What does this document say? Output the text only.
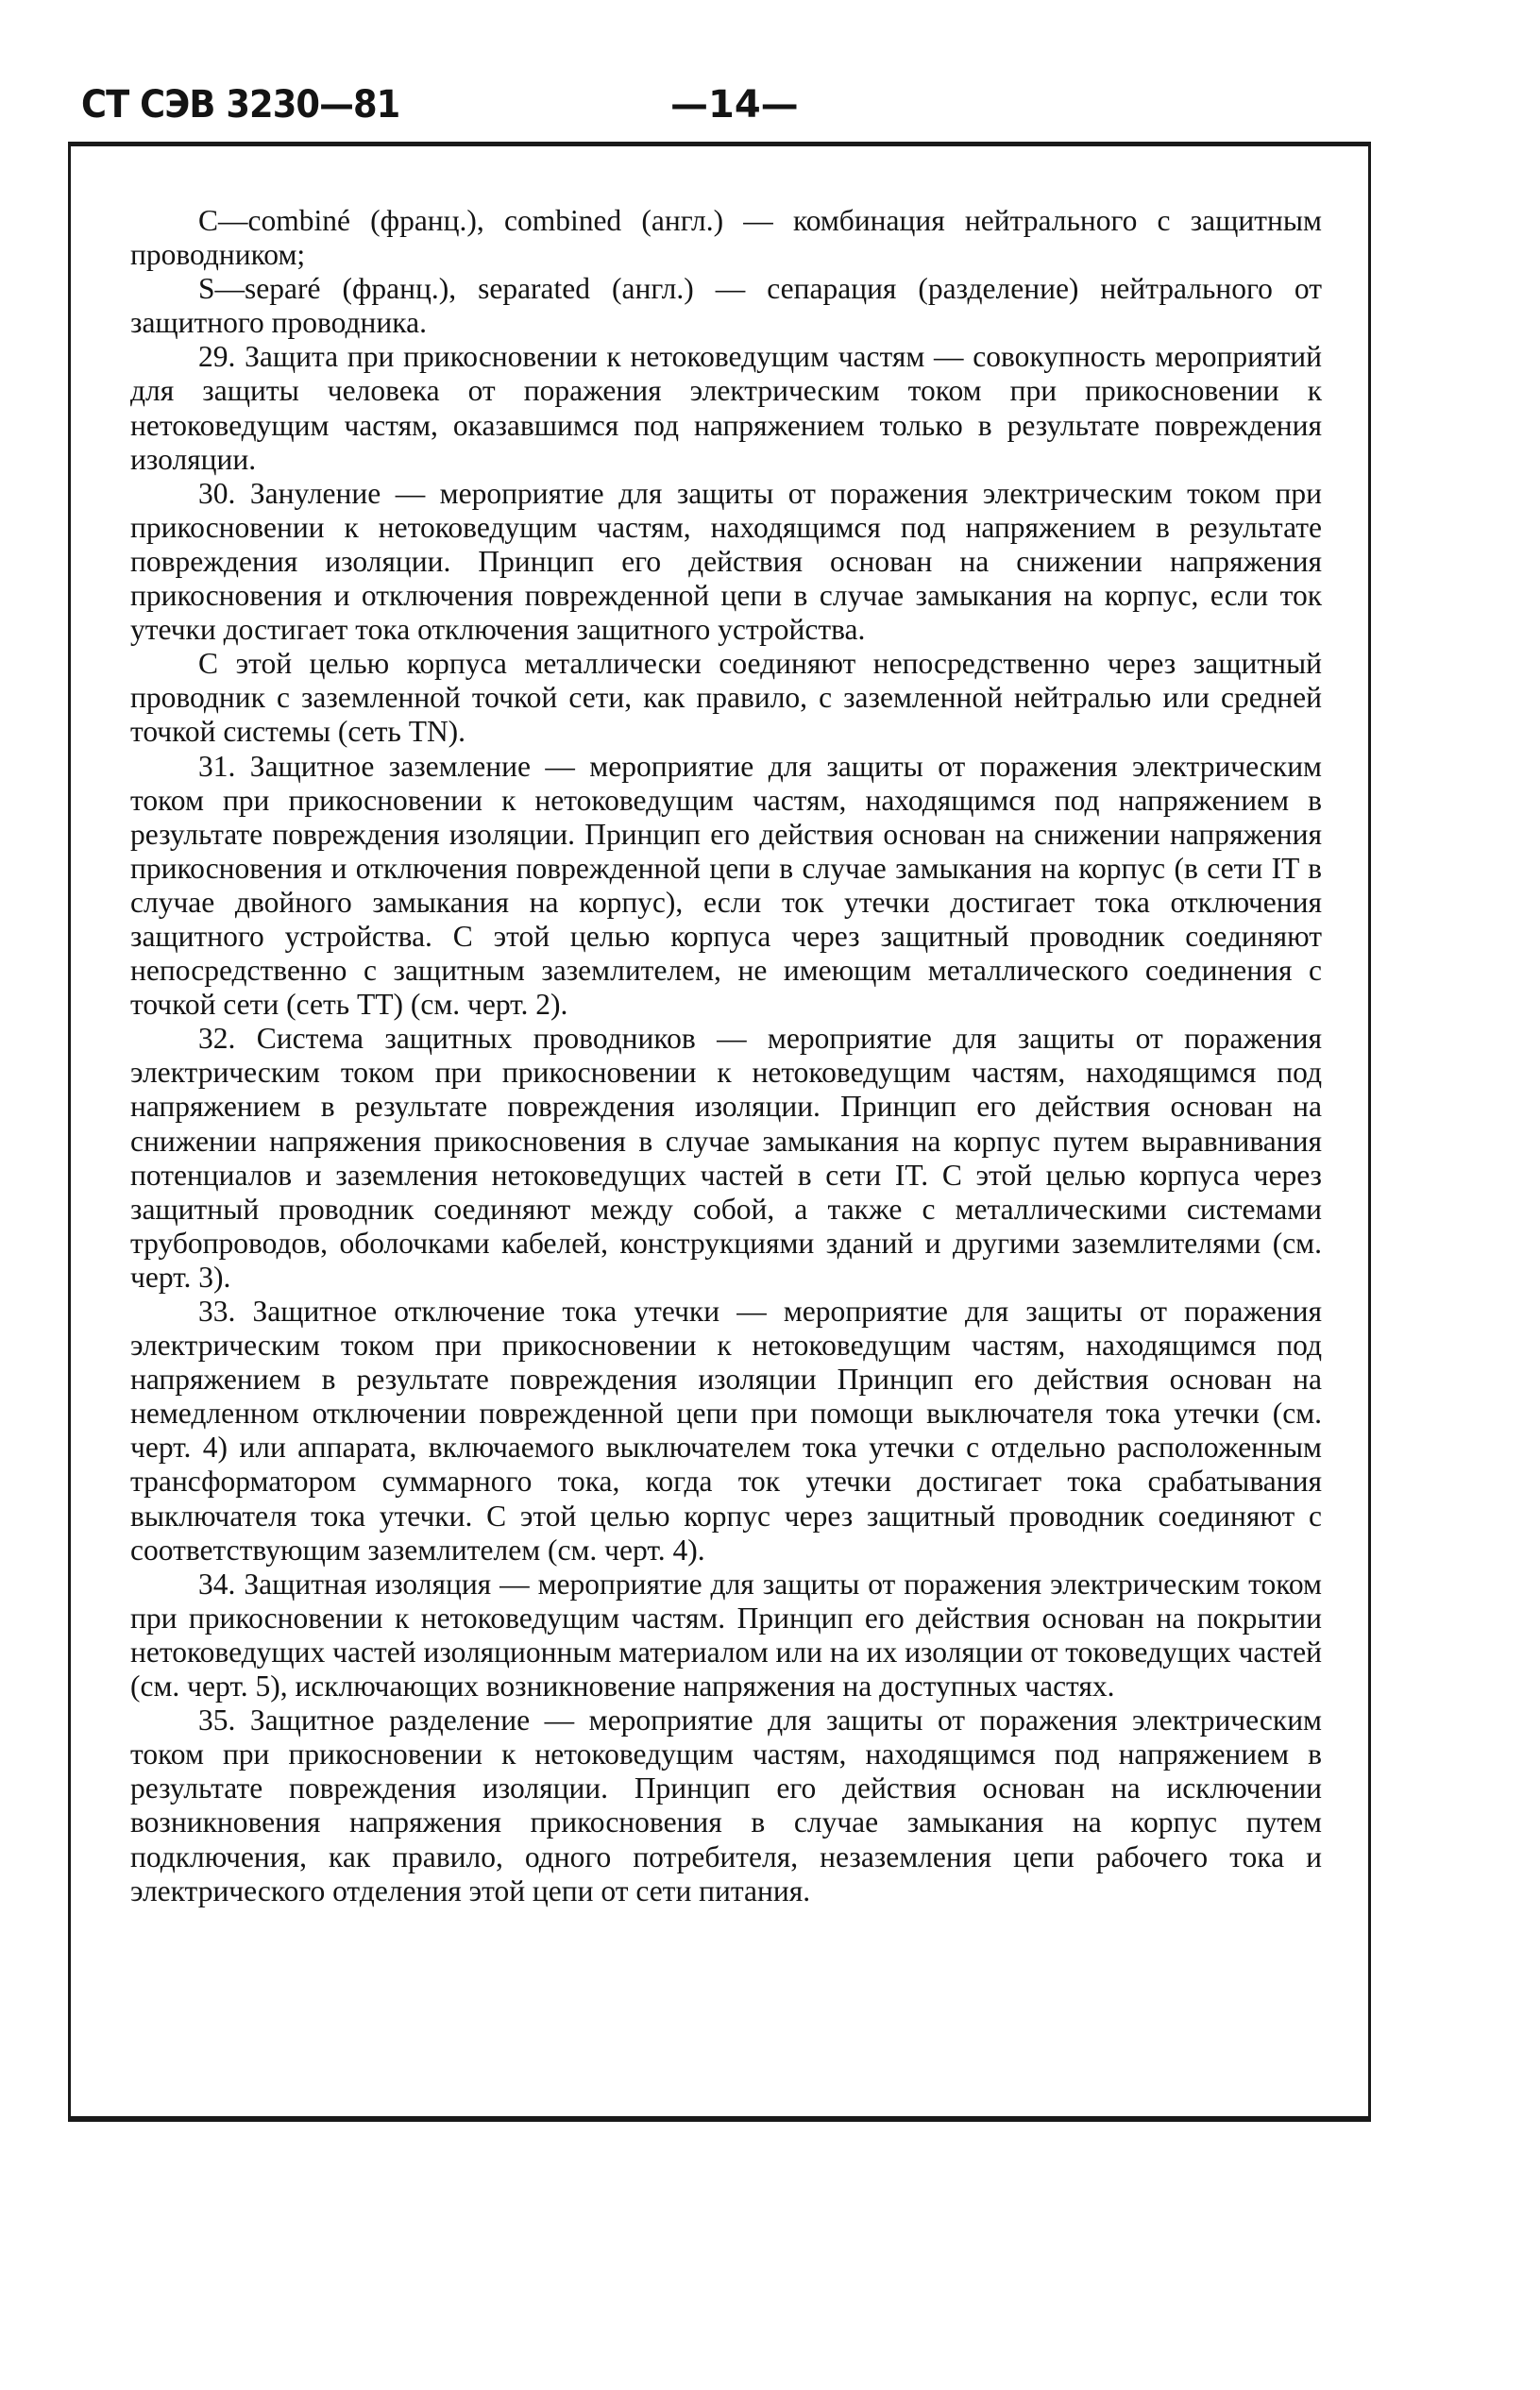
СТ СЭВ 3230—81	—14—

С—combiné (франц.), combined (англ.) — комбинация нейтрального с защитным проводником;

S—separé (франц.), separated (англ.) — сепарация (разделение) нейтрального от защитного проводника.

29. Защита при прикосновении к нетоковедущим частям — совокупность мероприятий для защиты человека от поражения электрическим током при прикосновении к нетоковедущим частям, оказавшимся под напряжением только в результате повреждения изоляции.

30. Зануление — мероприятие для защиты от поражения электрическим током при прикосновении к нетоковедущим частям, находящимся под напряжением в результате повреждения изоляции. Принцип его действия основан на снижении напряжения прикосновения и отключения поврежденной цепи в случае замыкания на корпус, если ток утечки достигает тока отключения защитного устройства.

С этой целью корпуса металлически соединяют непосредственно через защитный проводник с заземленной точкой сети, как правило, с заземленной нейтралью или средней точкой системы (сеть TN).

31. Защитное заземление — мероприятие для защиты от поражения электрическим током при прикосновении к нетоковедущим частям, находящимся под напряжением в результате повреждения изоляции. Принцип его действия основан на снижении напряжения прикосновения и отключения поврежденной цепи в случае замыкания на корпус (в сети IT в случае двойного замыкания на корпус), если ток утечки достигает тока отключения защитного устройства. С этой целью корпуса через защитный проводник соединяют непосредственно с защитным заземлителем, не имеющим металлического соединения с точкой сети (сеть TT) (см. черт. 2).

32. Система защитных проводников — мероприятие для защиты от поражения электрическим током при прикосновении к нетоковедущим частям, находящимся под напряжением в результате повреждения изоляции. Принцип его действия основан на снижении напряжения прикосновения в случае замыкания на корпус путем выравнивания потенциалов и заземления нетоковедущих частей в сети IT. С этой целью корпуса через защитный проводник соединяют между собой, а также с металлическими системами трубопроводов, оболочками кабелей, конструкциями зданий и другими заземлителями (см. черт. 3).

33. Защитное отключение тока утечки — мероприятие для защиты от поражения электрическим током при прикосновении к нетоковедущим частям, находящимся под напряжением в результате повреждения изоляции Принцип его действия основан на немедленном отключении поврежденной цепи при помощи выключателя тока утечки (см. черт. 4) или аппарата, включаемого выключателем тока утечки с отдельно расположенным трансформатором суммарного тока, когда ток утечки достигает тока срабатывания выключателя тока утечки. С этой целью корпус через защитный проводник соединяют с соответствующим заземлителем (см. черт. 4).

34. Защитная изоляция — мероприятие для защиты от поражения электрическим током при прикосновении к нетоковедущим частям. Принцип его действия основан на покрытии нетоковедущих частей изоляционным материалом или на их изоляции от токоведущих частей (см. черт. 5), исключающих возникновение напряжения на доступных частях.

35. Защитное разделение — мероприятие для защиты от поражения электрическим током при прикосновении к нетоковедущим частям, находящимся под напряжением в результате повреждения изоляции. Принцип его действия основан на исключении возникновения напряжения прикосновения в случае замыкания на корпус путем подключения, как правило, одного потребителя, незаземления цепи рабочего тока и электрического отделения этой цепи от сети питания.
